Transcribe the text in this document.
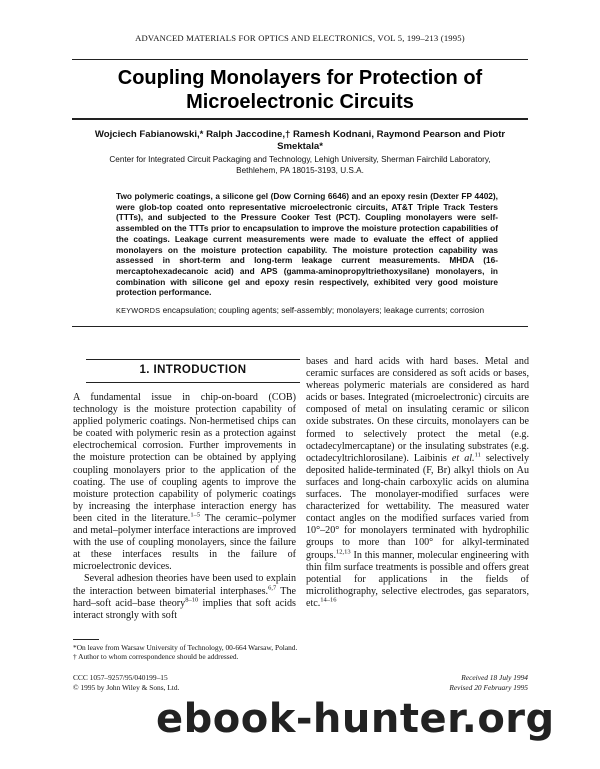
ADVANCED MATERIALS FOR OPTICS AND ELECTRONICS, VOL 5, 199–213 (1995)
Coupling Monolayers for Protection of
Microelectronic Circuits
Wojciech Fabianowski,* Ralph Jaccodine,† Ramesh Kodnani, Raymond Pearson and Piotr
Smektala*
Center for Integrated Circuit Packaging and Technology, Lehigh University, Sherman Fairchild Laboratory,
Bethlehem, PA 18015-3193, U.S.A.
Two polymeric coatings, a silicone gel (Dow Corning 6646) and an epoxy resin (Dexter FP 4402), were glob-top coated onto representative microelectronic circuits, AT&T Triple Track Testers (TTTs), and subjected to the Pressure Cooker Test (PCT). Coupling monolayers were self- assembled on the TTTs prior to encapsulation to improve the moisture protection capabilities of the coatings. Leakage current measurements were made to evaluate the effect of applied monolayers on the moisture protection capability. The moisture protection capability was assessed in short-term and long-term leakage current measurements. MHDA (16-mercaptohexadecanoic acid) and APS (gamma-aminopropyltriethoxysilane) monolayers, in combination with silicone gel and epoxy resin respectively, exhibited very good moisture protection performance.
KEYWORDS encapsulation; coupling agents; self-assembly; monolayers; leakage currents; corrosion
1. INTRODUCTION

A fundamental issue in chip-on-board (COB) technology is the moisture protection capability of applied polymeric coatings. Non-hermetised chips can be coated with polymeric resin as a protection against electrochemical corrosion. Further improvements in the moisture protection can be obtained by applying coupling monolayers prior to the application of the coating. The use of coupling agents to improve the moisture protection capability of polymeric coatings by increasing the interphase interaction energy has been cited in the literature.$^{1-5}$ The ceramic–polymer and metal–polymer interface interactions are improved with the use of coupling monolayers, since the failure at these interfaces results in the failure of microelectronic devices.

Several adhesion theories have been used to explain the interaction between bimaterial interphases.$^{6,7}$ The hard–soft acid–base theory$^{8-10}$ implies that soft acids interact strongly with soft

bases and hard acids with hard bases. Metal and ceramic surfaces are considered as soft acids or bases, whereas polymeric materials are considered as hard acids or bases. Integrated (microelectronic) circuits are composed of metal on insulating ceramic or silicon oxide substrates. On these circuits, monolayers can be formed to selectively protect the metal (e.g. octadecylmercaptane) or the insulating substrates (e.g. octadecyltrichlorosilane). Laibinis et al.$^{11}$ selectively deposited halide-terminated (F, Br) alkyl thiols on Au surfaces and long-chain carboxylic acids on alumina surfaces. The monolayer-modified surfaces were characterized for wettability. The measured water contact angles on the modified surfaces varied from 10°–20° for monolayers terminated with hydrophilic groups to more than 100° for alkyl-terminated groups.$^{12,13}$ In this manner, molecular engineering with thin film surface treatments is possible and offers great potential for applications in the fields of microlithography, selective electrodes, gas separators, etc.$^{14-16}$

*On leave from Warsaw University of Technology, 00-664 Warsaw, Poland.
† Author to whom correspondence should be addressed.
CCC 1057–9257/95/040199–15
© 1995 by John Wiley & Sons, Ltd.
Received 18 July 1994
Revised 20 February 1995
ebook-hunter.org
